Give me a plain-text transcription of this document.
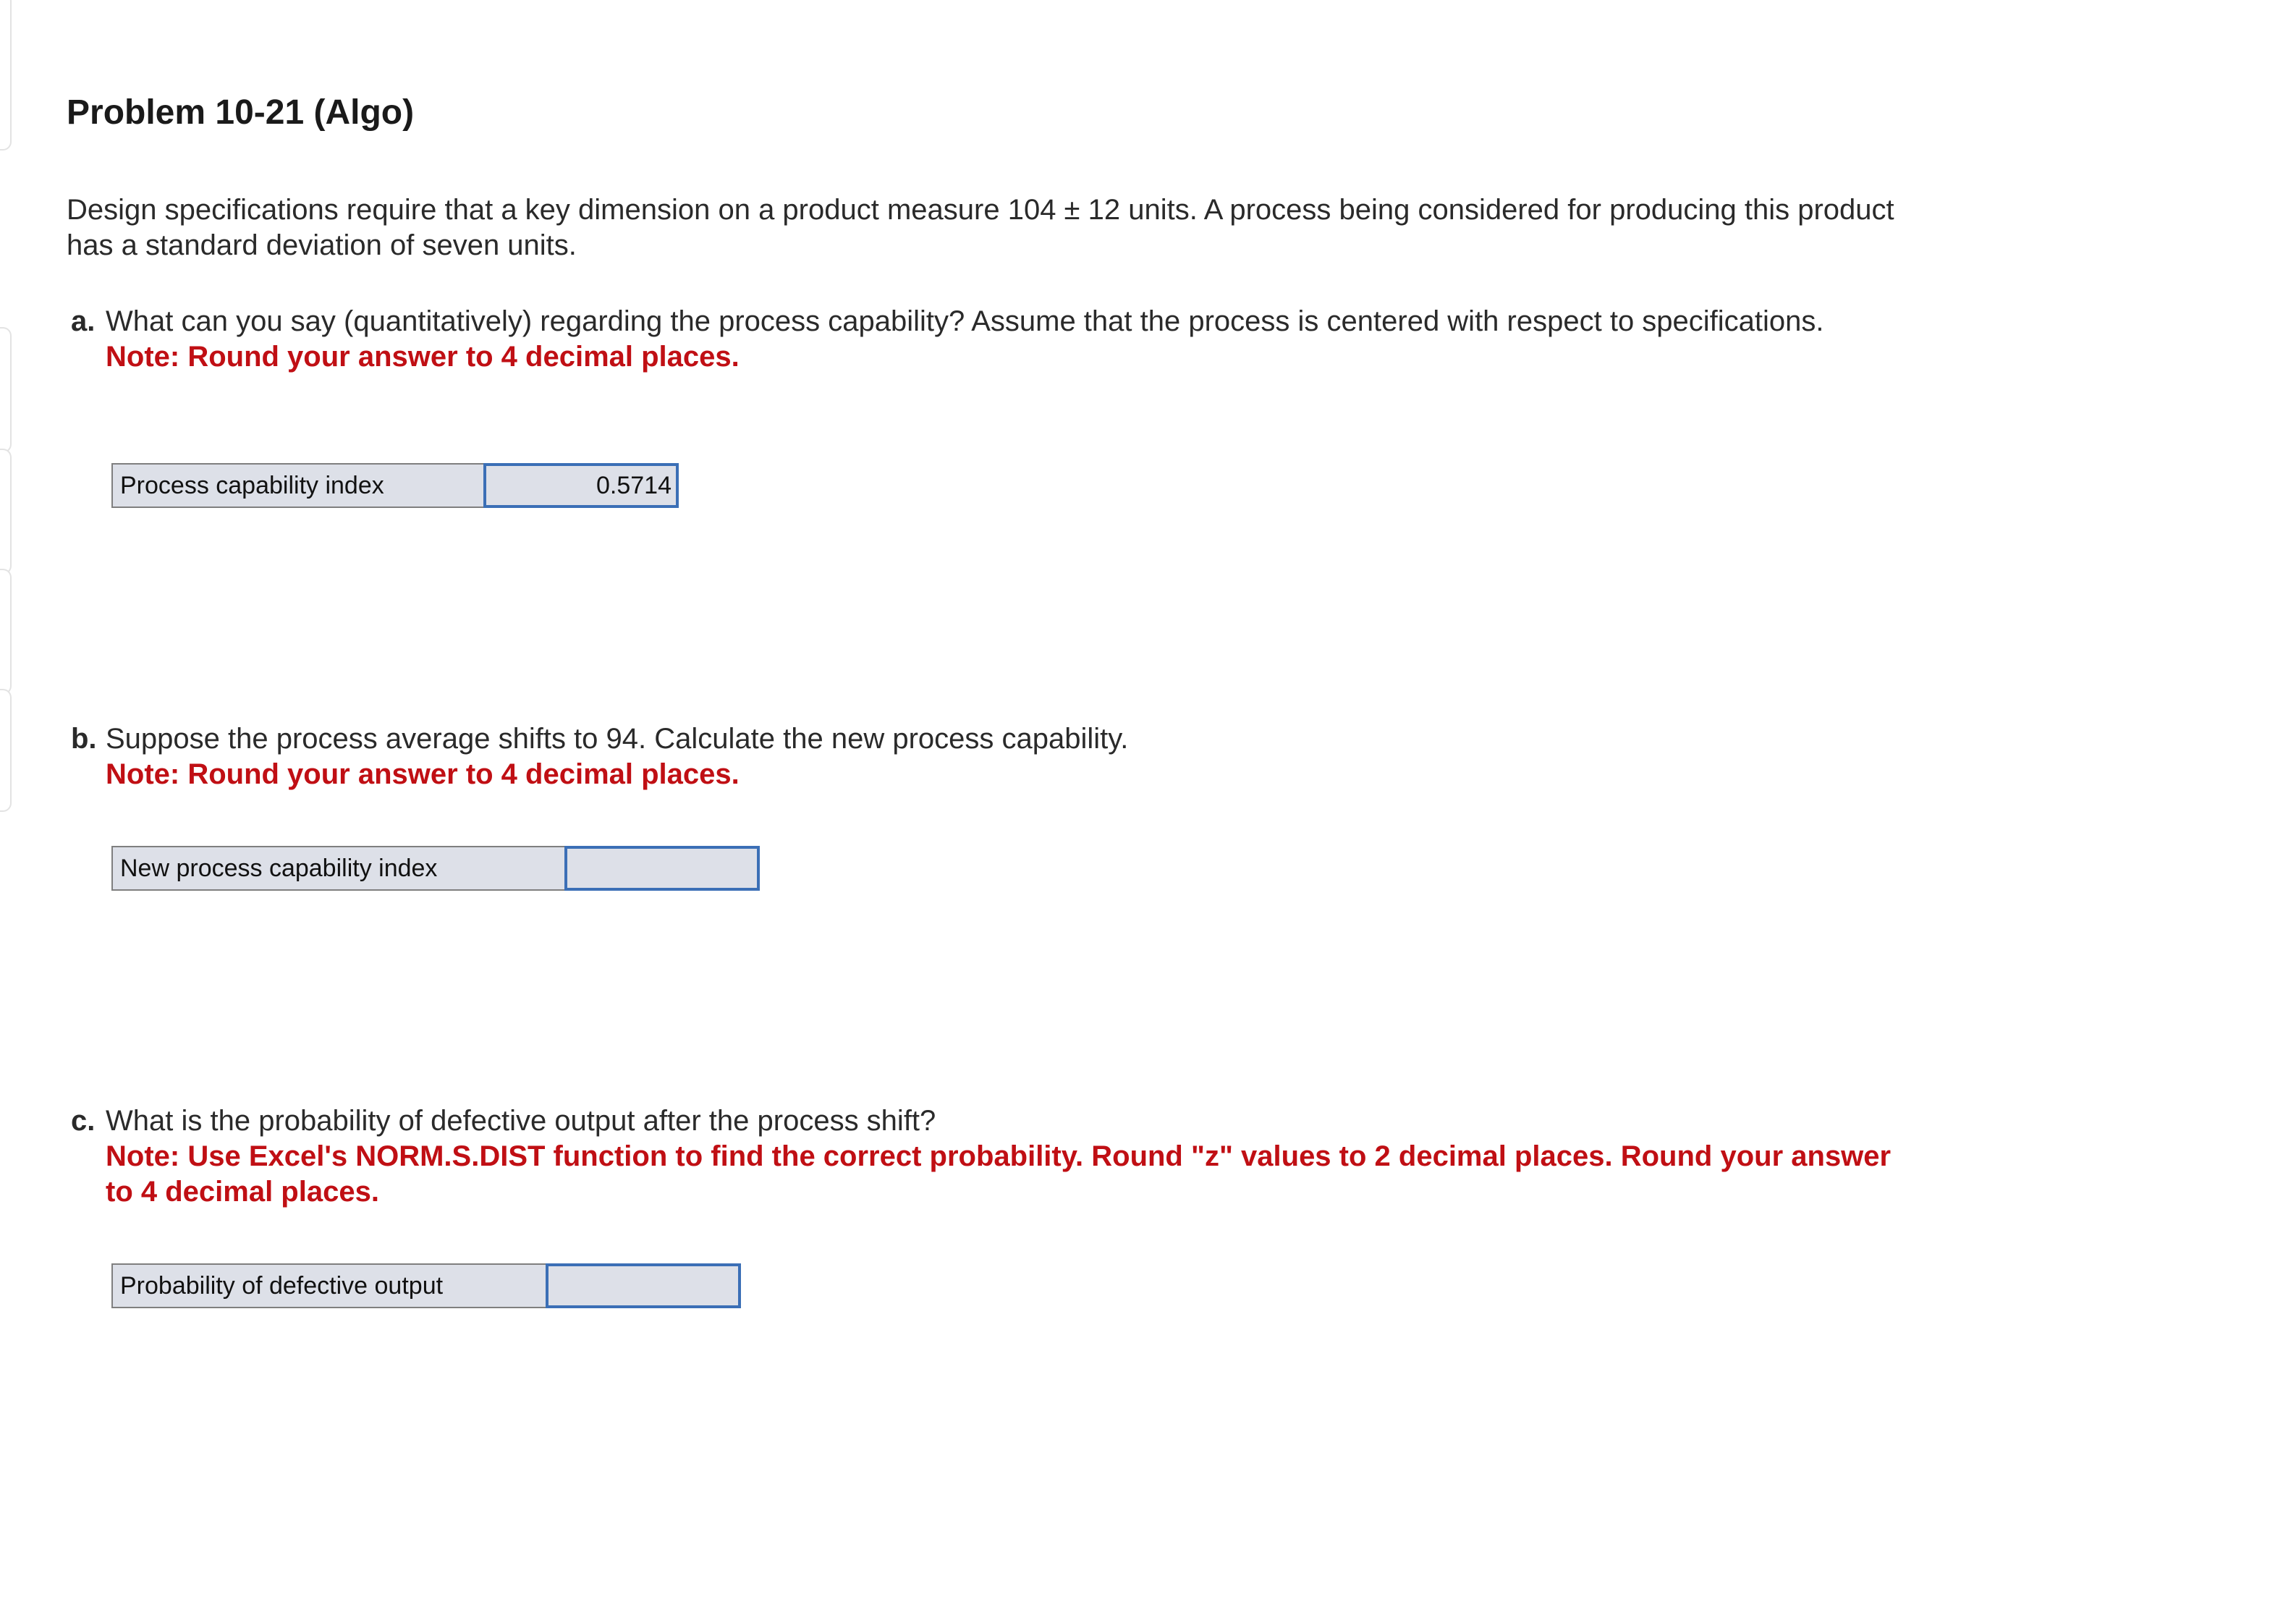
Problem 10-21 (Algo)

Design specifications require that a key dimension on a product measure 104 ± 12 units. A process being considered for producing this product has a standard deviation of seven units.

a. What can you say (quantitatively) regarding the process capability? Assume that the process is centered with respect to specifications.

Note: Round your answer to 4 decimal places.

Process capability index
0.5714

b. Suppose the process average shifts to 94. Calculate the new process capability.

Note: Round your answer to 4 decimal places.

New process capability index

c. What is the probability of defective output after the process shift?

Note: Use Excel's NORM.S.DIST function to find the correct probability. Round "z" values to 2 decimal places. Round your answer to 4 decimal places.

Probability of defective output
